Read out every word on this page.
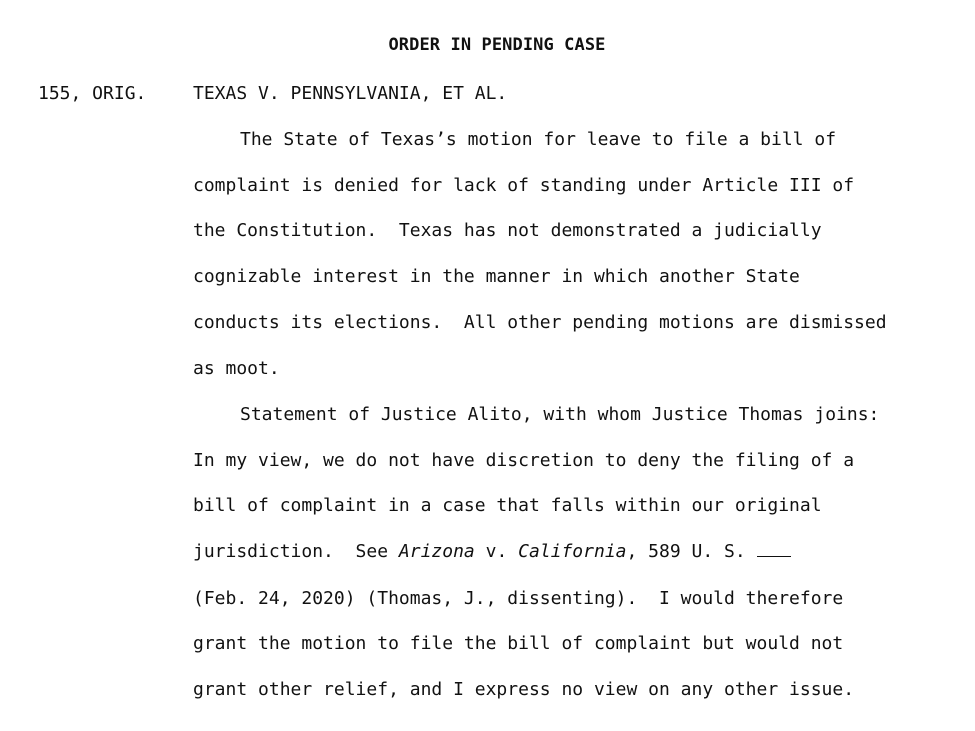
ORDER IN PENDING CASE
155, ORIG.	TEXAS V. PENNSYLVANIA, ET AL.
The State of Texas’s motion for leave to file a bill of
complaint is denied for lack of standing under Article III of
the Constitution.  Texas has not demonstrated a judicially
cognizable interest in the manner in which another State
conducts its elections.  All other pending motions are dismissed
as moot.
Statement of Justice Alito, with whom Justice Thomas joins:
In my view, we do not have discretion to deny the filing of a
bill of complaint in a case that falls within our original
jurisdiction.  See Arizona v. California, 589 U. S.
(Feb. 24, 2020) (Thomas, J., dissenting).  I would therefore
grant the motion to file the bill of complaint but would not
grant other relief, and I express no view on any other issue.
